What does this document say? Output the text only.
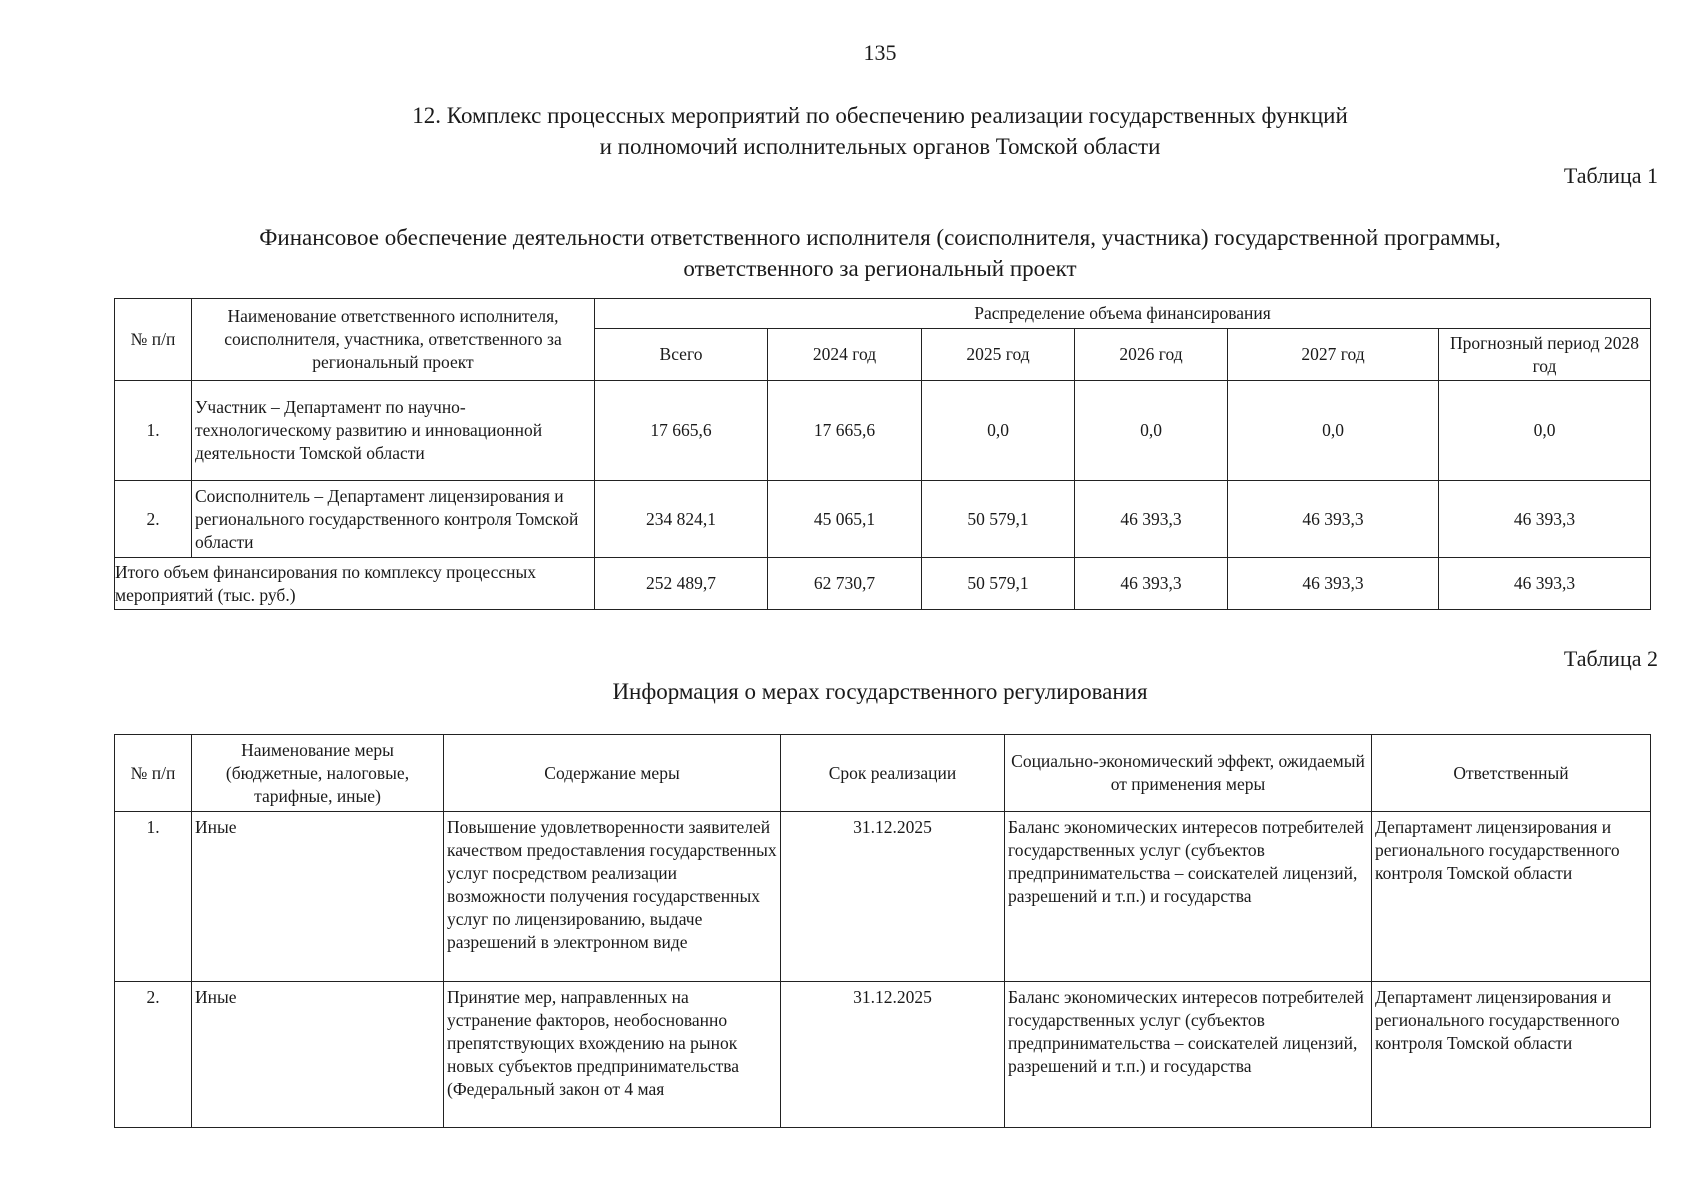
135
12. Комплекс процессных мероприятий по обеспечению реализации государственных функций
и полномочий исполнительных органов Томской области
Таблица 1
Финансовое обеспечение деятельности ответственного исполнителя (соисполнителя, участника) государственной программы,
ответственного за региональный проект
№ п/п	Наименование ответственного исполнителя, соисполнителя, участника, ответственного за региональный проект	Распределение объема финансирования					
		Всего	2024 год	2025 год	2026 год	2027 год	Прогнозный период 2028 год
1.	Участник – Департамент по научно-технологическому развитию и инновационной деятельности Томской области	17 665,6	17 665,6	0,0	0,0	0,0	0,0
2.	Соисполнитель – Департамент лицензирования и регионального государственного контроля Томской области	234 824,1	45 065,1	50 579,1	46 393,3	46 393,3	46 393,3
Итого объем финансирования по комплексу процессных мероприятий (тыс. руб.)		252 489,7	62 730,7	50 579,1	46 393,3	46 393,3	46 393,3
Таблица 2
Информация о мерах государственного регулирования
№ п/п	Наименование меры (бюджетные, налоговые, тарифные, иные)	Содержание меры	Срок реализации	Социально-экономический эффект, ожидаемый от применения меры	Ответственный
1.	Иные	Повышение удовлетворенности заявителей качеством предоставления государственных услуг посредством реализации возможности получения государственных услуг по лицензированию, выдаче разрешений в электронном виде	31.12.2025	Баланс экономических интересов потребителей государственных услуг (субъектов предпринимательства – соискателей лицензий, разрешений и т.п.) и государства	Департамент лицензирования и регионального государственного контроля Томской области
2.	Иные	Принятие мер, направленных на устранение факторов, необоснованно препятствующих вхождению на рынок новых субъектов предпринимательства (Федеральный закон от 4 мая	31.12.2025	Баланс экономических интересов потребителей государственных услуг (субъектов предпринимательства – соискателей лицензий, разрешений и т.п.) и государства	Департамент лицензирования и регионального государственного контроля Томской области
